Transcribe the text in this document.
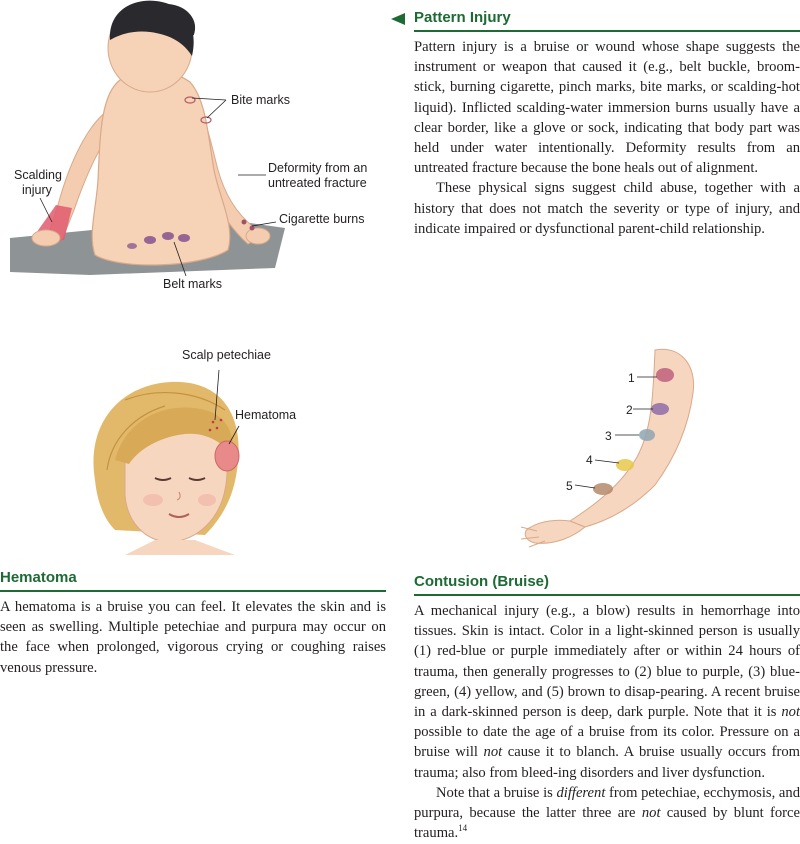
Bite marks
Scalding
injury
Deformity from an
untreated fracture
Cigarette burns
Belt marks
Pattern Injury

Pattern injury is a bruise or wound whose shape suggests the instrument or weapon that caused it (e.g., belt buckle, broom-stick, burning cigarette, pinch marks, bite marks, or scalding-hot liquid). Inflicted scalding-water immersion burns usually have a clear border, like a glove or sock, indicating that body part was held under water intentionally. Deformity results from an untreated fracture because the bone heals out of alignment.

These physical signs suggest child abuse, together with a history that does not match the severity or type of injury, and indicate impaired or dysfunctional parent-child relationship.

Scalp petechiae
Hematoma
1
2
3
4
5
Hematoma

A hematoma is a bruise you can feel. It elevates the skin and is seen as swelling. Multiple petechiae and purpura may occur on the face when prolonged, vigorous crying or coughing raises venous pressure.

Contusion (Bruise)

A mechanical injury (e.g., a blow) results in hemorrhage into tissues. Skin is intact. Color in a light-skinned person is usually (1) red-blue or purple immediately after or within 24 hours of trauma, then generally progresses to (2) blue to purple, (3) blue-green, (4) yellow, and (5) brown to disap-pearing. A recent bruise in a dark-skinned person is deep, dark purple. Note that it is not possible to date the age of a bruise from its color. Pressure on a bruise will not cause it to blanch. A bruise usually occurs from trauma; also from bleed-ing disorders and liver dysfunction.

Note that a bruise is different from petechiae, ecchymosis, and purpura, because the latter three are not caused by blunt force trauma.$^{14}$
